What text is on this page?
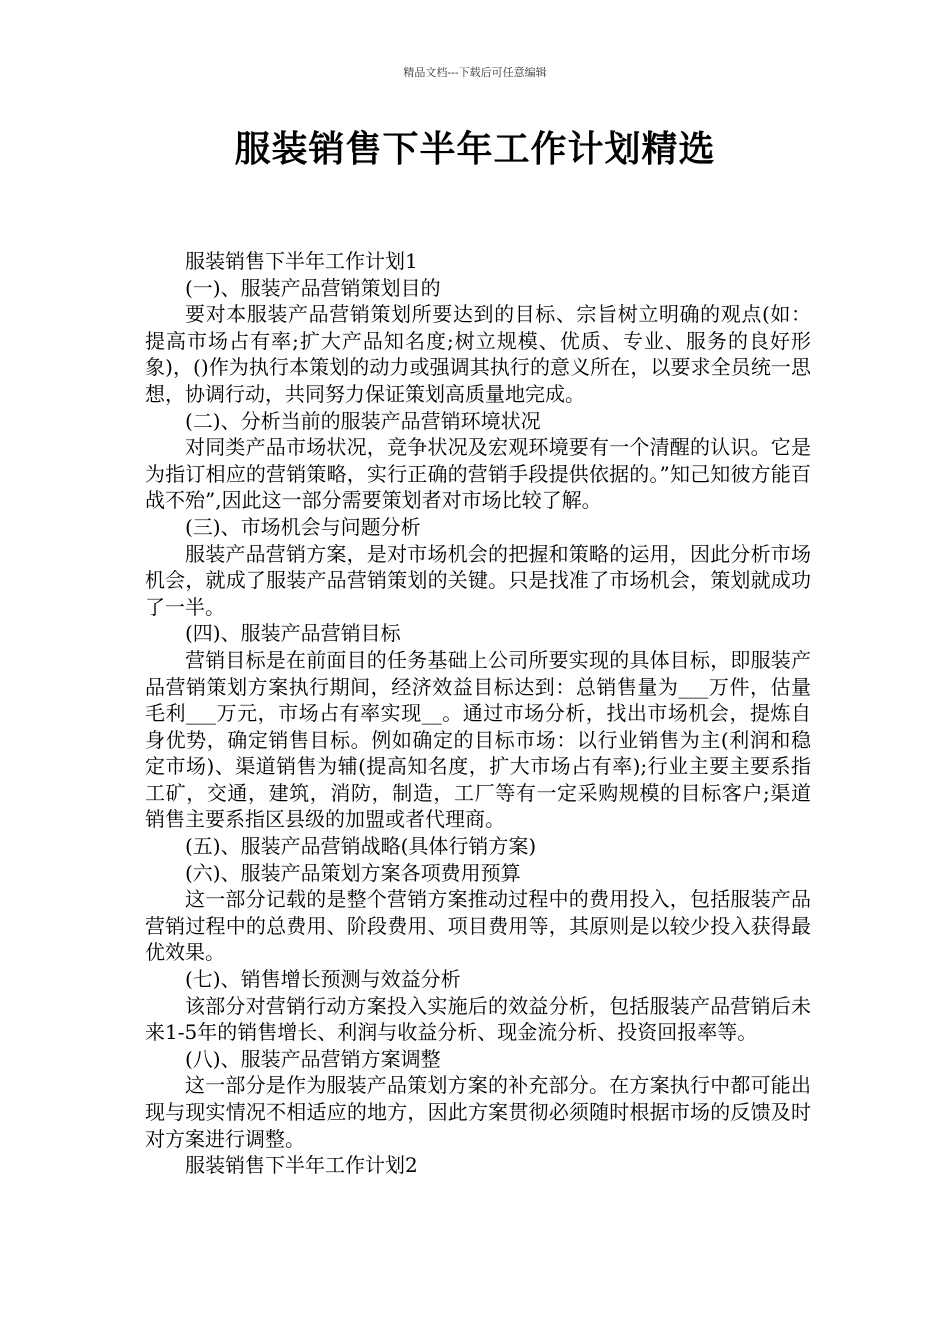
精品文档---下载后可任意编辑
服装销售下半年工作计划精选

服装销售下半年工作计划1

(一)、服装产品营销策划目的

要对本服装产品营销策划所要达到的目标、宗旨树立明确的观点(如：提高市场占有率;扩大产品知名度;树立规模、优质、专业、服务的良好形象)，()作为执行本策划的动力或强调其执行的意义所在，以要求全员统一思想，协调行动，共同努力保证策划高质量地完成。

(二)、分析当前的服装产品营销环境状况

对同类产品市场状况，竞争状况及宏观环境要有一个清醒的认识。它是为指订相应的营销策略，实行正确的营销手段提供依据的。”知己知彼方能百战不殆”,因此这一部分需要策划者对市场比较了解。

(三)、市场机会与问题分析

服装产品营销方案，是对市场机会的把握和策略的运用，因此分析市场机会，就成了服装产品营销策划的关键。只是找准了市场机会，策划就成功了一半。

(四)、服装产品营销目标

营销目标是在前面目的任务基础上公司所要实现的具体目标，即服装产品营销策划方案执行期间，经济效益目标达到：总销售量为___万件，估量毛利___万元，市场占有率实现__。通过市场分析，找出市场机会，提炼自身优势，确定销售目标。例如确定的目标市场：以行业销售为主(利润和稳定市场)、渠道销售为辅(提高知名度，扩大市场占有率);行业主要主要系指工矿，交通，建筑，消防，制造，工厂等有一定采购规模的目标客户;渠道销售主要系指区县级的加盟或者代理商。

(五)、服装产品营销战略(具体行销方案)

(六)、服装产品策划方案各项费用预算

这一部分记载的是整个营销方案推动过程中的费用投入，包括服装产品营销过程中的总费用、阶段费用、项目费用等，其原则是以较少投入获得最优效果。

(七)、销售增长预测与效益分析

该部分对营销行动方案投入实施后的效益分析，包括服装产品营销后未来1-5年的销售增长、利润与收益分析、现金流分析、投资回报率等。

(八)、服装产品营销方案调整

这一部分是作为服装产品策划方案的补充部分。在方案执行中都可能出现与现实情况不相适应的地方，因此方案贯彻必须随时根据市场的反馈及时对方案进行调整。

服装销售下半年工作计划2
